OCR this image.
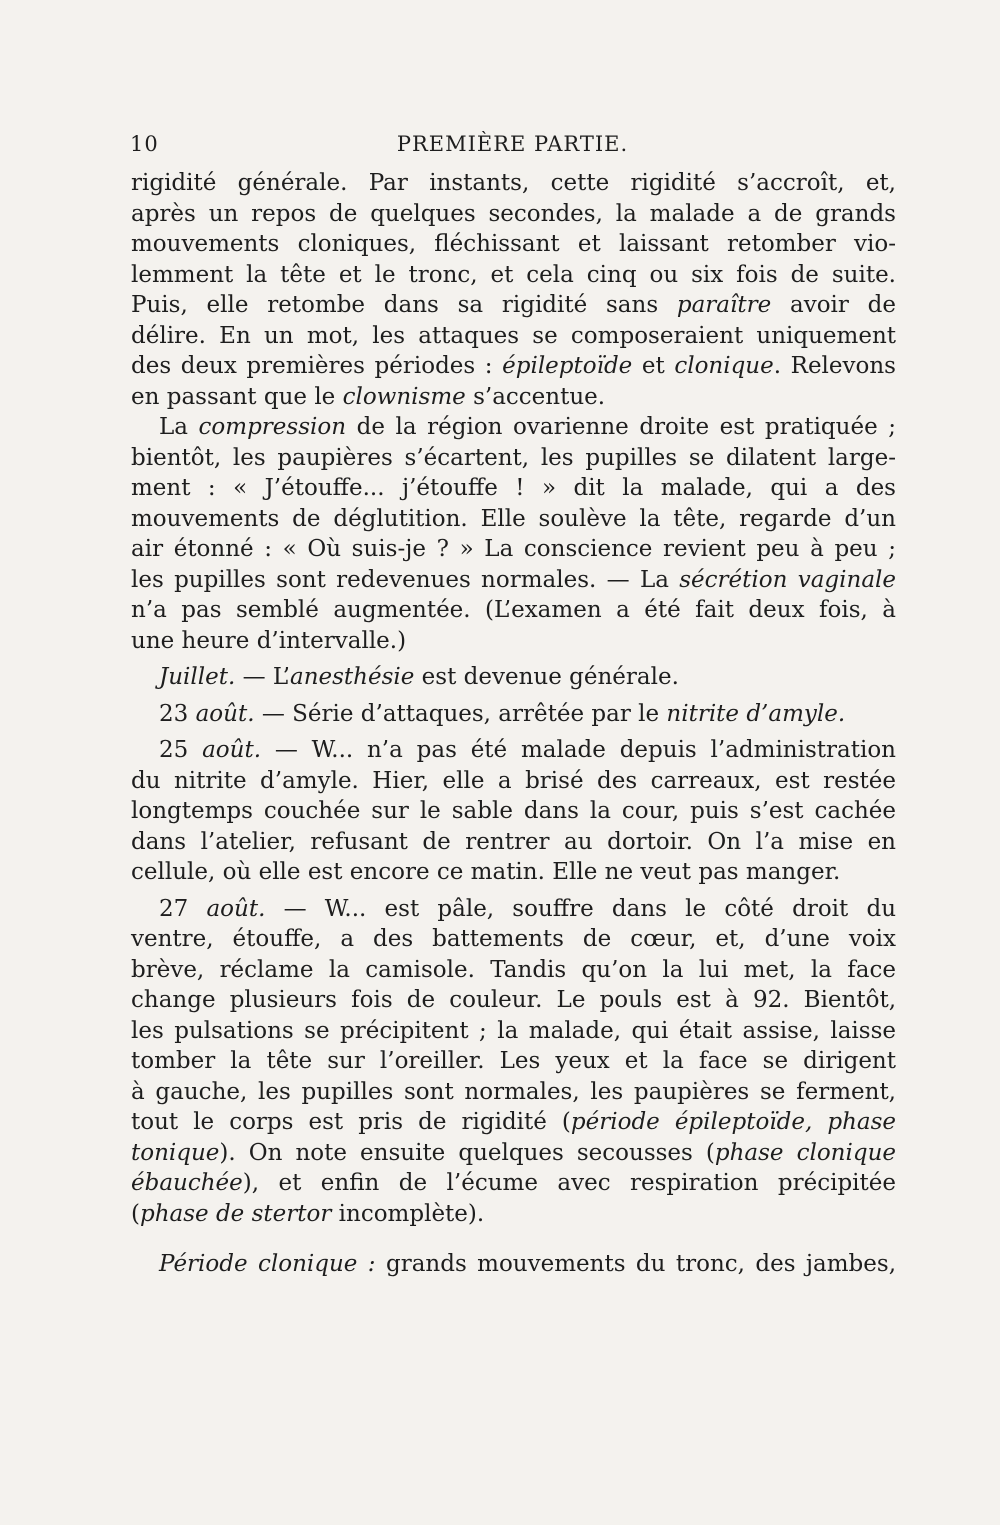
10	PREMIÈRE PARTIE.
rigidité générale. Par instants, cette rigidité s’accroît, et,
après un repos de quelques secondes, la malade a de grands
mouvements cloniques, fléchissant et laissant retomber vio-
lemment la tête et le tronc, et cela cinq ou six fois de suite.
Puis, elle retombe dans sa rigidité sans paraître avoir de
délire. En un mot, les attaques se composeraient uniquement
des deux premières périodes : épileptoïde et clonique. Relevons
en passant que le clownisme s’accentue.
La compression de la région ovarienne droite est pratiquée ;
bientôt, les paupières s’écartent, les pupilles se dilatent large-
ment : « J’étouffe... j’étouffe ! » dit la malade, qui a des
mouvements de déglutition. Elle soulève la tête, regarde d’un
air étonné : « Où suis-je ? » La conscience revient peu à peu ;
les pupilles sont redevenues normales. — La sécrétion vaginale
n’a pas semblé augmentée. (L’examen a été fait deux fois, à
une heure d’intervalle.)
Juillet. — L’anesthésie est devenue générale.
23 août. — Série d’attaques, arrêtée par le nitrite d’amyle.
25 août. — W... n’a pas été malade depuis l’administration
du nitrite d’amyle. Hier, elle a brisé des carreaux, est restée
longtemps couchée sur le sable dans la cour, puis s’est cachée
dans l’atelier, refusant de rentrer au dortoir. On l’a mise en
cellule, où elle est encore ce matin. Elle ne veut pas manger.
27 août. — W... est pâle, souffre dans le côté droit du
ventre, étouffe, a des battements de cœur, et, d’une voix
brève, réclame la camisole. Tandis qu’on la lui met, la face
change plusieurs fois de couleur. Le pouls est à 92. Bientôt,
les pulsations se précipitent ; la malade, qui était assise, laisse
tomber la tête sur l’oreiller. Les yeux et la face se dirigent
à gauche, les pupilles sont normales, les paupières se ferment,
tout le corps est pris de rigidité (période épileptoïde, phase
tonique). On note ensuite quelques secousses (phase clonique
ébauchée), et enfin de l’écume avec respiration précipitée
(phase de stertor incomplète).
Période clonique : grands mouvements du tronc, des jambes,
